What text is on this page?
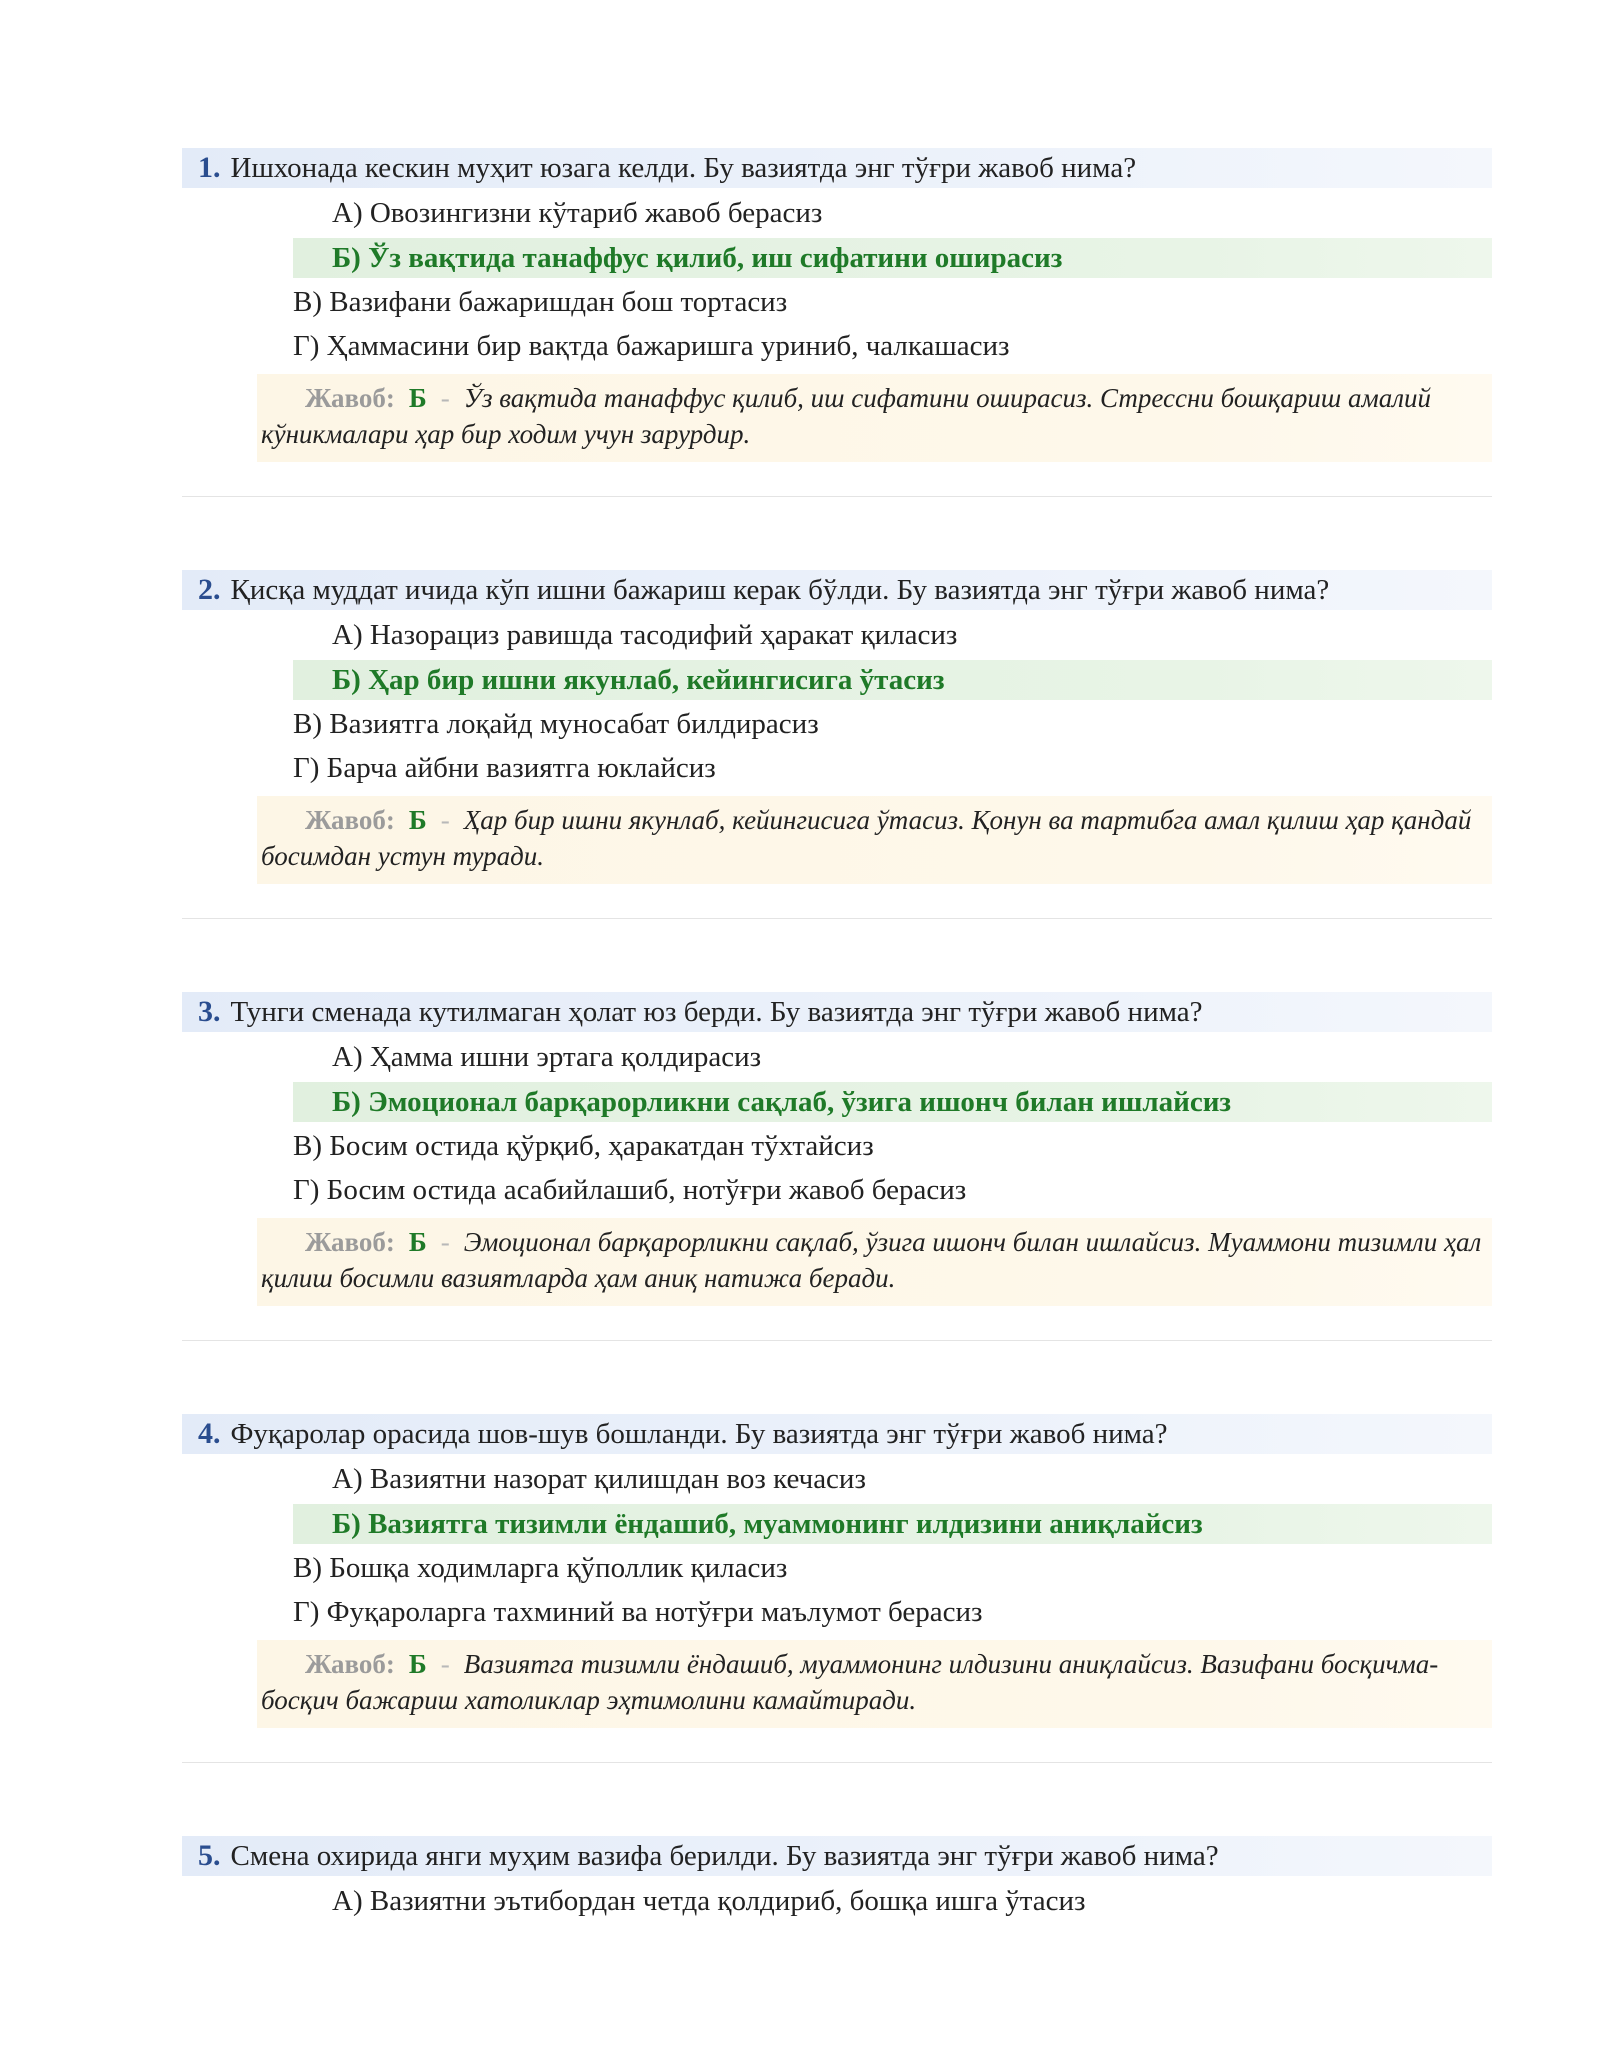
1. Ишхонада кескин муҳит юзага келди. Бу вазиятда энг тўғри жавоб нима?
А) Овозингизни кўтариб жавоб берасиз
Б) Ўз вақтида танаффус қилиб, иш сифатини оширасиз
В) Вазифани бажаришдан бош тортасиз
Г) Ҳаммасини бир вақтда бажаришга уриниб, чалкашасиз
Жавоб: Б - Ўз вақтида танаффус қилиб, иш сифатини оширасиз. Стрессни бошқариш амалий кўникмалари ҳар бир ходим учун зарурдир.
2. Қисқа муддат ичида кўп ишни бажариш керак бўлди. Бу вазиятда энг тўғри жавоб нима?
А) Назорациз равишда тасодифий ҳаракат қиласиз
Б) Ҳар бир ишни якунлаб, кейингисига ўтасиз
В) Вазиятга лоқайд муносабат билдирасиз
Г) Барча айбни вазиятга юклайсиз
Жавоб: Б - Ҳар бир ишни якунлаб, кейингисига ўтасиз. Қонун ва тартибга амал қилиш ҳар қандай босимдан устун туради.
3. Тунги сменада кутилмаган ҳолат юз берди. Бу вазиятда энг тўғри жавоб нима?
А) Ҳамма ишни эртага қолдирасиз
Б) Эмоционал барқарорликни сақлаб, ўзига ишонч билан ишлайсиз
В) Босим остида қўрқиб, ҳаракатдан тўхтайсиз
Г) Босим остида асабийлашиб, нотўғри жавоб берасиз
Жавоб: Б - Эмоционал барқарорликни сақлаб, ўзига ишонч билан ишлайсиз. Муаммони тизимли ҳал қилиш босимли вазиятларда ҳам аниқ натижа беради.
4. Фуқаролар орасида шов-шув бошланди. Бу вазиятда энг тўғри жавоб нима?
А) Вазиятни назорат қилишдан воз кечасиз
Б) Вазиятга тизимли ёндашиб, муаммонинг илдизини аниқлайсиз
В) Бошқа ходимларга қўполлик қиласиз
Г) Фуқароларга тахминий ва нотўғри маълумот берасиз
Жавоб: Б - Вазиятга тизимли ёндашиб, муаммонинг илдизини аниқлайсиз. Вазифани босқичма-босқич бажариш хатоликлар эҳтимолини камайтиради.
5. Смена охирида янги муҳим вазифа берилди. Бу вазиятда энг тўғри жавоб нима?
А) Вазиятни эътибордан четда қолдириб, бошқа ишга ўтасиз
